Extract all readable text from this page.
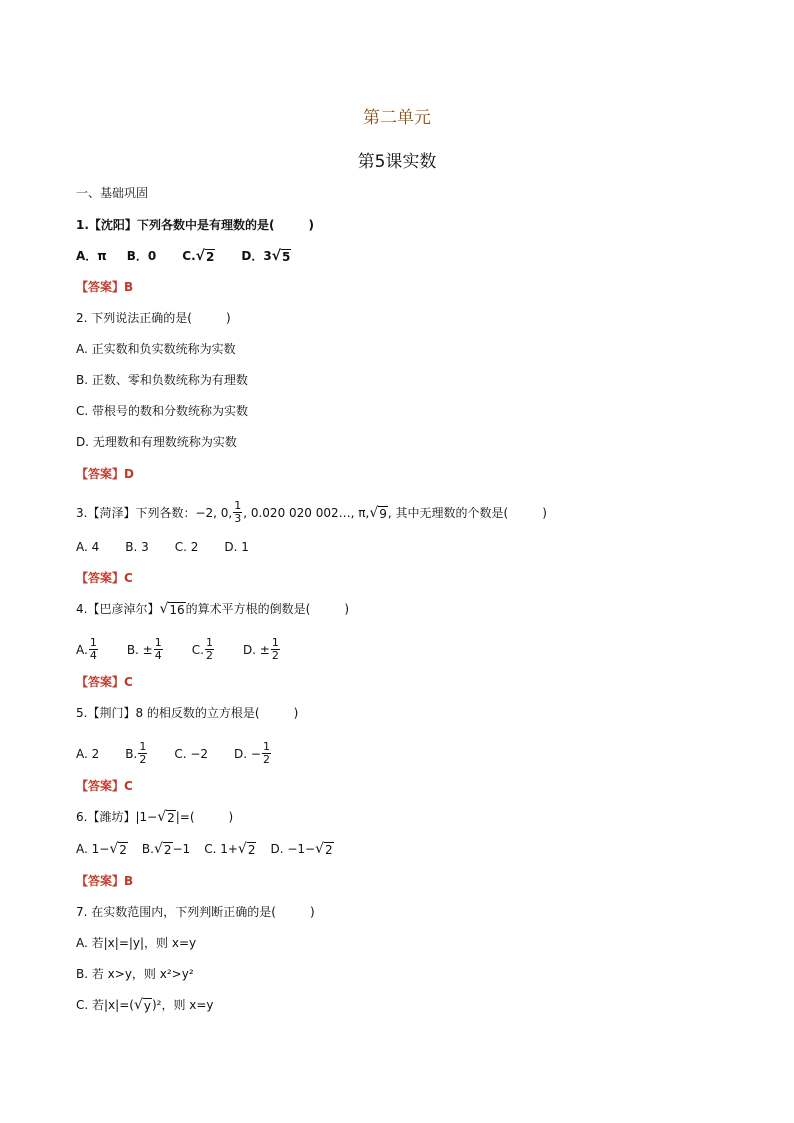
第二单元
第5课实数
一、基础巩固
1. 【沈阳】 下列各数中是有理数的是(	)
A．π B．0 C. √ 2 D．3 √ 5
【答案】 B
2. 下列说法正确的是(	)
A. 正实数和负实数统称为实数
B. 正数、零和负数统称为有理数
C. 带根号的数和分数统称为实数
D. 无理数和有理数统称为实数
【答案】 D
3.【菏泽】下列各数：−2, 0, $\frac{1}{3}$ , 0.020 020 002…, π, √ 9 , 其中无理数的个数是(	)
A. 4 B. 3 C. 2 D. 1
【答案】 C
4.【巴彦淖尔】 √ 16 的算术平方根的倒数是(	)
A. $\frac{1}{4} B$. ± $\frac{1}{4} C$. $\frac{1}{2} D$. ± $\frac{1}{2}$
【答案】 C
5.【荆门】8 的相反数的立方根是(	)
A. 2 B. $\frac{1}{2} C$. −2 D. − $\frac{1}{2}$
【答案】 C
6.【潍坊】|1− √ 2 |=(	)
A. 1− √ 2 B. √ 2 −1 C. 1+ √ 2 D. −1− √ 2
【答案】 B
7. 在实数范围内，下列判断正确的是(	)
A. 若|x|=|y|，则 x=y
B. 若 x>y，则 x²>y²
C. 若|x|=( √ y )²，则 x=y
